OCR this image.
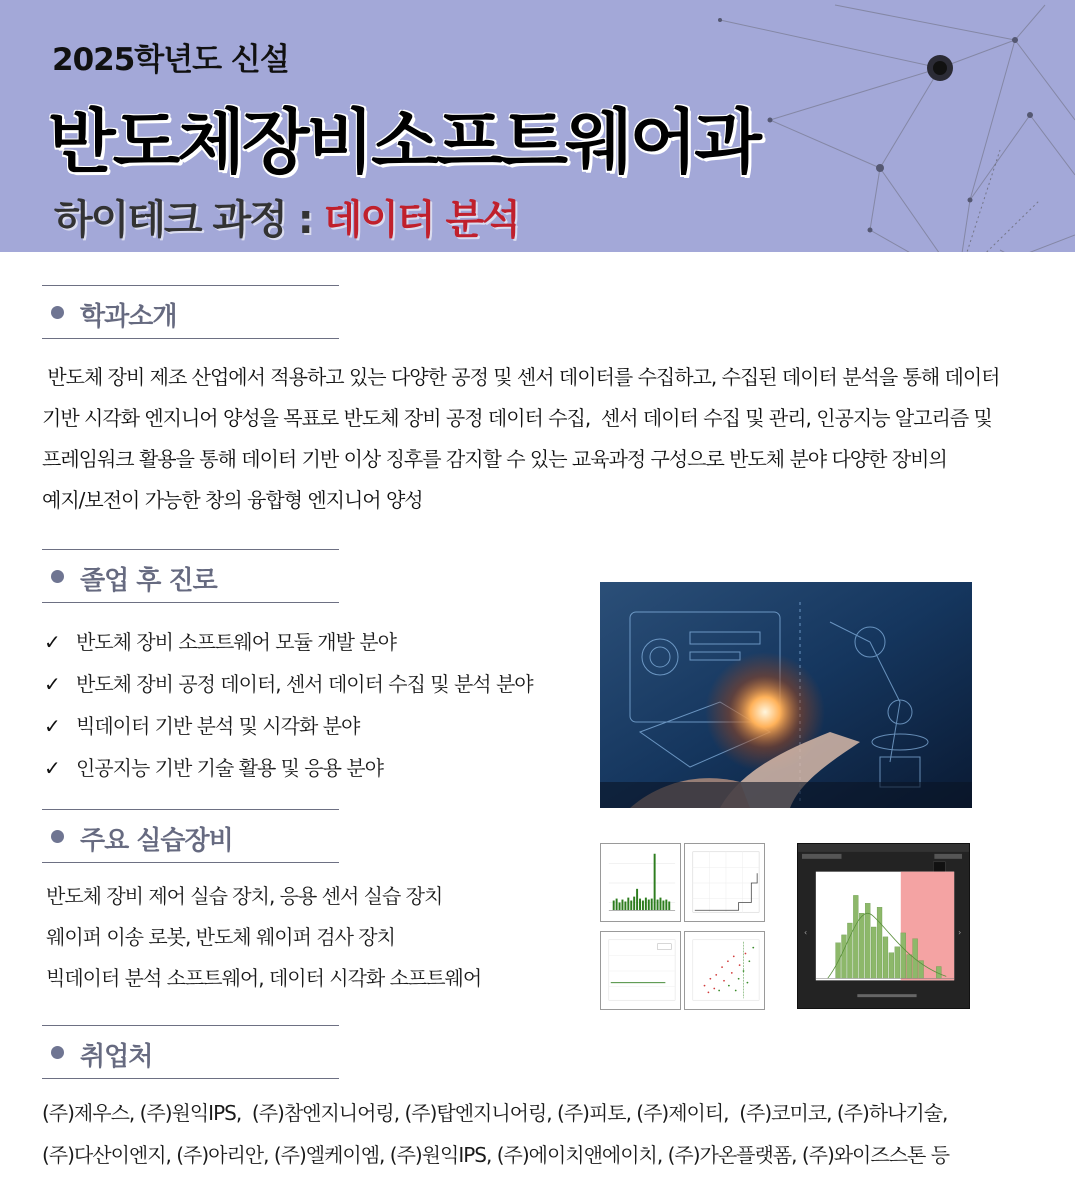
2025학년도 신설
반도체장비소프트웨어과
하이테크 과정 : 데이터 분석
학과소개

반도체 장비 제조 산업에서 적용하고 있는 다양한 공정 및 센서 데이터를 수집하고, 수집된 데이터 분석을 통해 데이터

기반 시각화 엔지니어 양성을 목표로 반도체 장비 공정 데이터 수집,  센서 데이터 수집 및 관리, 인공지능 알고리즘 및

프레임워크 활용을 통해 데이터 기반 이상 징후를 감지할 수 있는 교육과정 구성으로 반도체 분야 다양한 장비의

예지/보전이 가능한 창의 융합형 엔지니어 양성

졸업 후 진로
✓ 반도체 장비 소프트웨어 모듈 개발 분야
✓ 반도체 장비 공정 데이터, 센서 데이터 수집 및 분석 분야
✓ 빅데이터 기반 분석 및 시각화 분야
✓ 인공지능 기반 기술 활용 및 응용 분야
주요 실습장비

반도체 장비 제어 실습 장치, 응용 센서 실습 장치

웨이퍼 이송 로봇, 반도체 웨이퍼 검사 장치

빅데이터 분석 소프트웨어, 데이터 시각화 소프트웨어

‹	›
취업처

(주)제우스, (주)원익IPS,  (주)참엔지니어링, (주)탑엔지니어링, (주)피토, (주)제이티,  (주)코미코, (주)하나기술,

(주)다산이엔지, (주)아리안, (주)엘케이엠, (주)원익IPS, (주)에이치앤에이치, (주)가온플랫폼, (주)와이즈스톤 등
